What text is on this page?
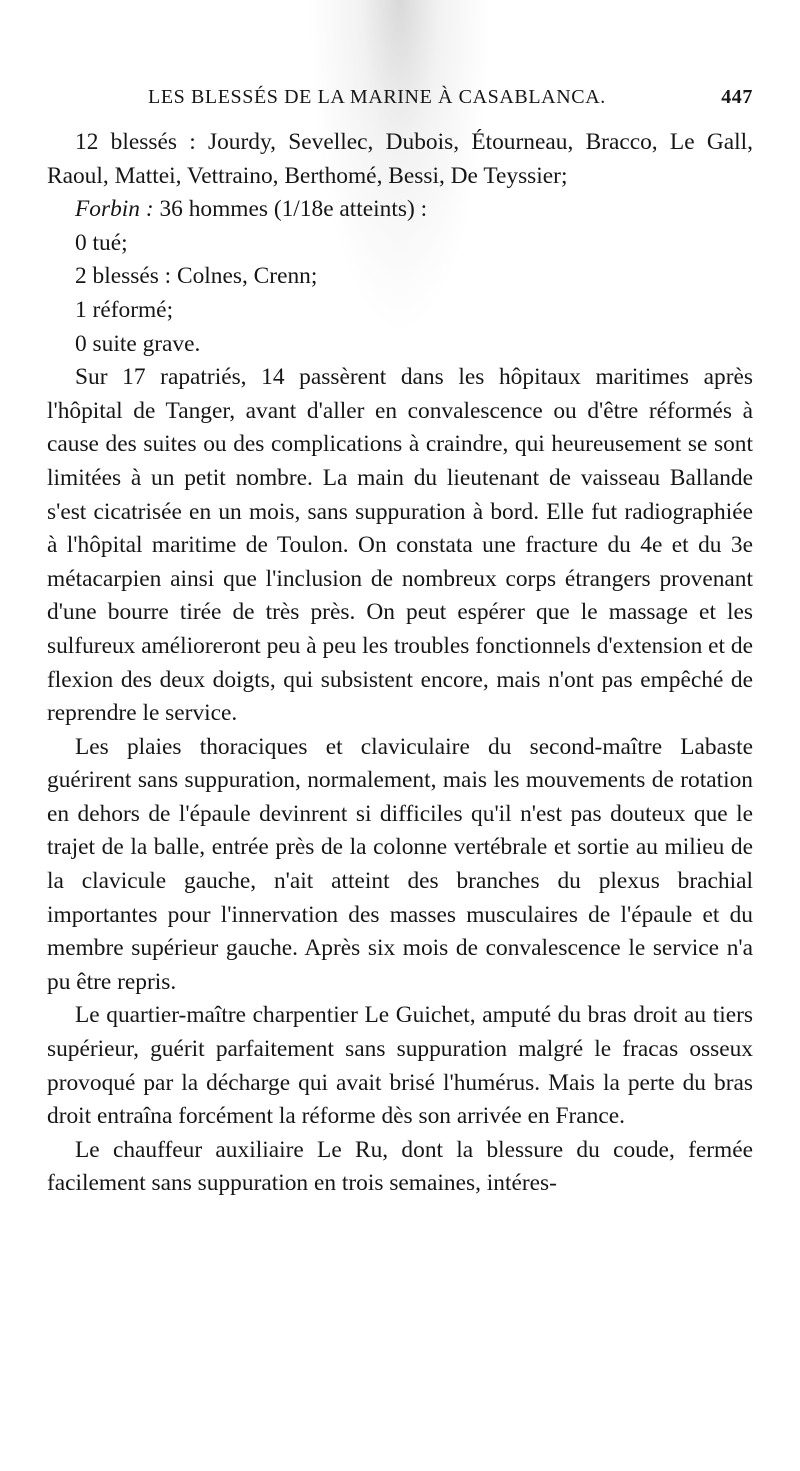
LES BLESSÉS DE LA MARINE À CASABLANCA.	447

12 blessés : Jourdy, Sevellec, Dubois, Étourneau, Bracco, Le Gall, Raoul, Mattei, Vettraino, Berthomé, Bessi, De Teyssier;

Forbin : 36 hommes (1/18e atteints) :

0 tué;

2 blessés : Colnes, Crenn;

1 réformé;

0 suite grave.

Sur 17 rapatriés, 14 passèrent dans les hôpitaux maritimes après l'hôpital de Tanger, avant d'aller en convalescence ou d'être réformés à cause des suites ou des complications à craindre, qui heureusement se sont limitées à un petit nombre. La main du lieutenant de vaisseau Ballande s'est cicatrisée en un mois, sans suppuration à bord. Elle fut radiographiée à l'hôpital maritime de Toulon. On constata une fracture du 4e et du 3e métacarpien ainsi que l'inclusion de nombreux corps étrangers provenant d'une bourre tirée de très près. On peut espérer que le massage et les sulfureux amélioreront peu à peu les troubles fonctionnels d'extension et de flexion des deux doigts, qui subsistent encore, mais n'ont pas empêché de reprendre le service.

Les plaies thoraciques et claviculaire du second-maître Labaste guérirent sans suppuration, normalement, mais les mouvements de rotation en dehors de l'épaule devinrent si difficiles qu'il n'est pas douteux que le trajet de la balle, entrée près de la colonne vertébrale et sortie au milieu de la clavicule gauche, n'ait atteint des branches du plexus brachial importantes pour l'innervation des masses musculaires de l'épaule et du membre supérieur gauche. Après six mois de convalescence le service n'a pu être repris.

Le quartier-maître charpentier Le Guichet, amputé du bras droit au tiers supérieur, guérit parfaitement sans suppuration malgré le fracas osseux provoqué par la décharge qui avait brisé l'humérus. Mais la perte du bras droit entraîna forcément la réforme dès son arrivée en France.

Le chauffeur auxiliaire Le Ru, dont la blessure du coude, fermée facilement sans suppuration en trois semaines, intéres-
